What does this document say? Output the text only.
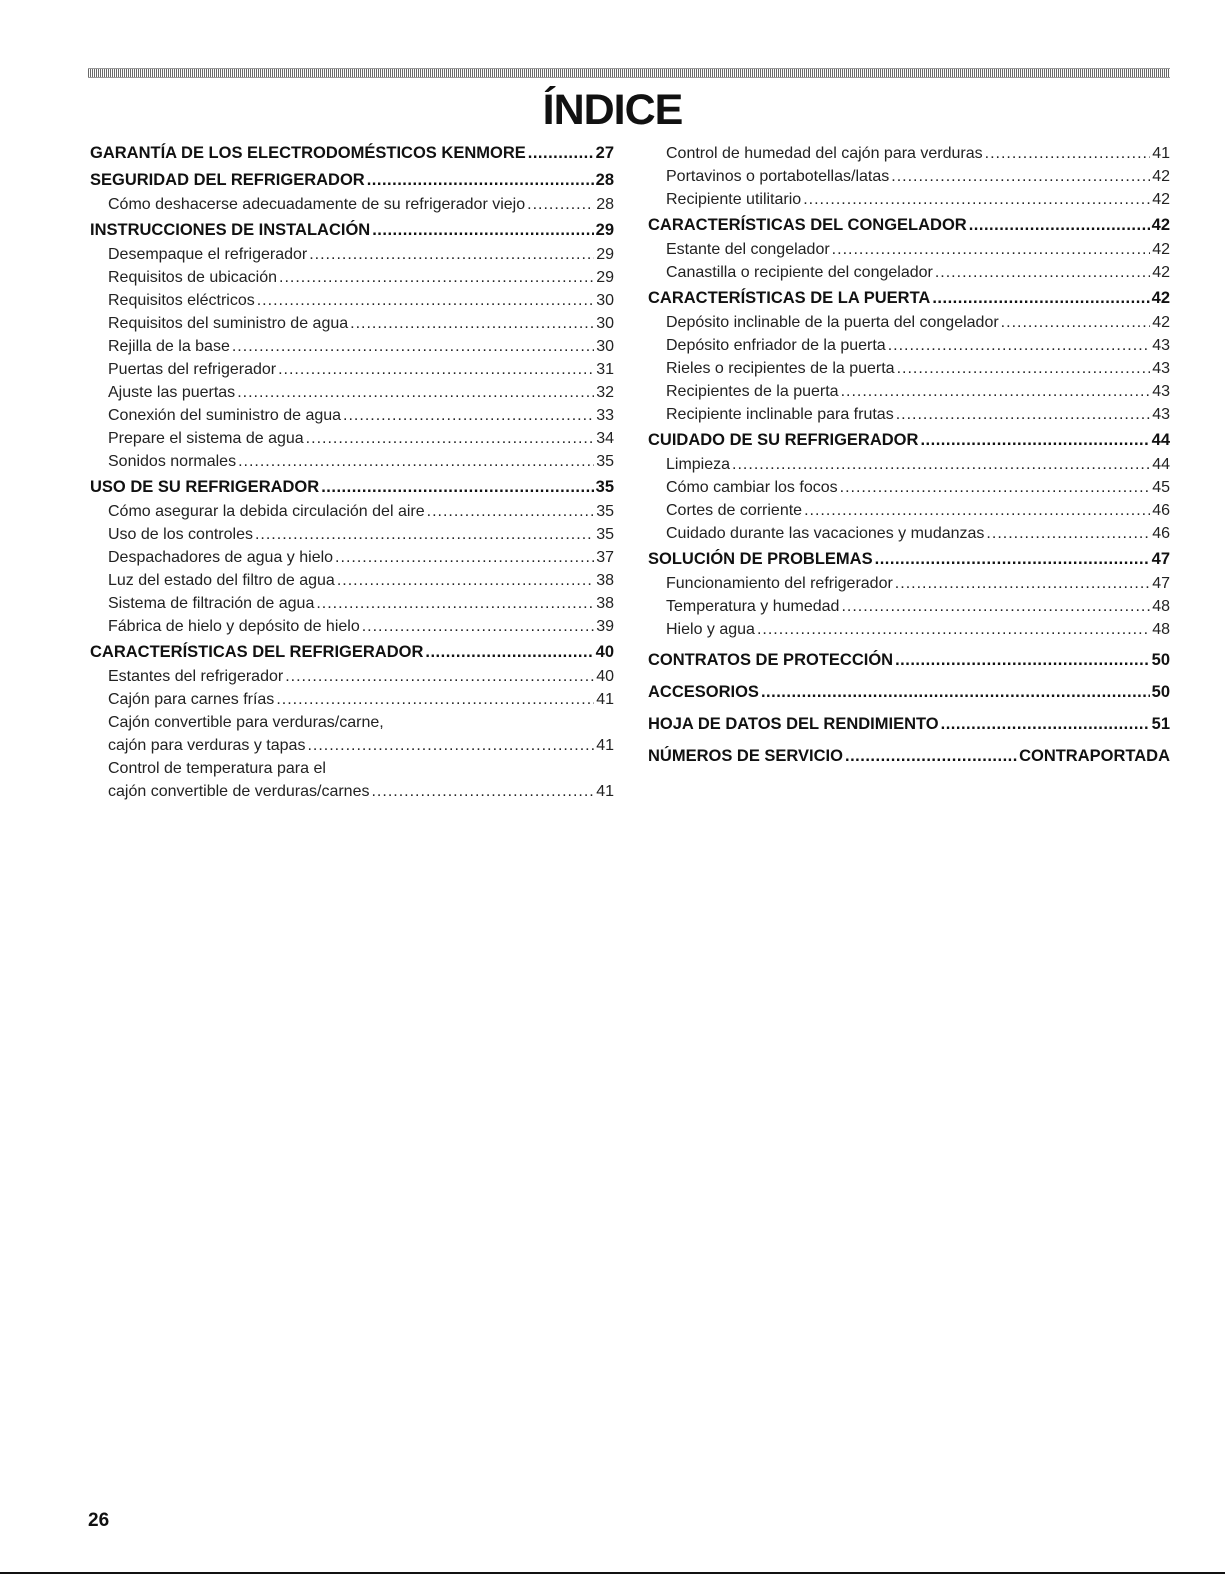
ÍNDICE
GARANTÍA DE LOS ELECTRODOMÉSTICOS KENMORE .....	27
SEGURIDAD DEL REFRIGERADOR .....	28
Cómo deshacerse adecuadamente de su refrigerador viejo .....	28
INSTRUCCIONES DE INSTALACIÓN .....	29
Desempaque el refrigerador .....	29
Requisitos de ubicación .....	29
Requisitos eléctricos .....	30
Requisitos del suministro de agua .....	30
Rejilla de la base .....	30
Puertas del refrigerador .....	31
Ajuste las puertas .....	32
Conexión del suministro de agua .....	33
Prepare el sistema de agua .....	34
Sonidos normales .....	35
USO DE SU REFRIGERADOR .....	35
Cómo asegurar la debida circulación del aire .....	35
Uso de los controles .....	35
Despachadores de agua y hielo .....	37
Luz del estado del filtro de agua .....	38
Sistema de filtración de agua .....	38
Fábrica de hielo y depósito de hielo .....	39
CARACTERÍSTICAS DEL REFRIGERADOR .....	40
Estantes del refrigerador .....	40
Cajón para carnes frías .....	41
Cajón convertible para verduras/carne,
cajón para verduras y tapas .....	41
Control de temperatura para el
cajón convertible de verduras/carnes .....	41
Control de humedad del cajón para verduras .....	41
Portavinos o portabotellas/latas .....	42
Recipiente utilitario .....	42
CARACTERÍSTICAS DEL CONGELADOR .....	42
Estante del congelador .....	42
Canastilla o recipiente del congelador .....	42
CARACTERÍSTICAS DE LA PUERTA .....	42
Depósito inclinable de la puerta del congelador .....	42
Depósito enfriador de la puerta .....	43
Rieles o recipientes de la puerta .....	43
Recipientes de la puerta .....	43
Recipiente inclinable para frutas .....	43
CUIDADO DE SU REFRIGERADOR .....	44
Limpieza .....	44
Cómo cambiar los focos .....	45
Cortes de corriente .....	46
Cuidado durante las vacaciones y mudanzas .....	46
SOLUCIÓN DE PROBLEMAS .....	47
Funcionamiento del refrigerador .....	47
Temperatura y humedad .....	48
Hielo y agua .....	48
CONTRATOS DE PROTECCIÓN .....	50
ACCESORIOS .....	50
HOJA DE DATOS DEL RENDIMIENTO .....	51
NÚMEROS DE SERVICIO .....	CONTRAPORTADA
26
